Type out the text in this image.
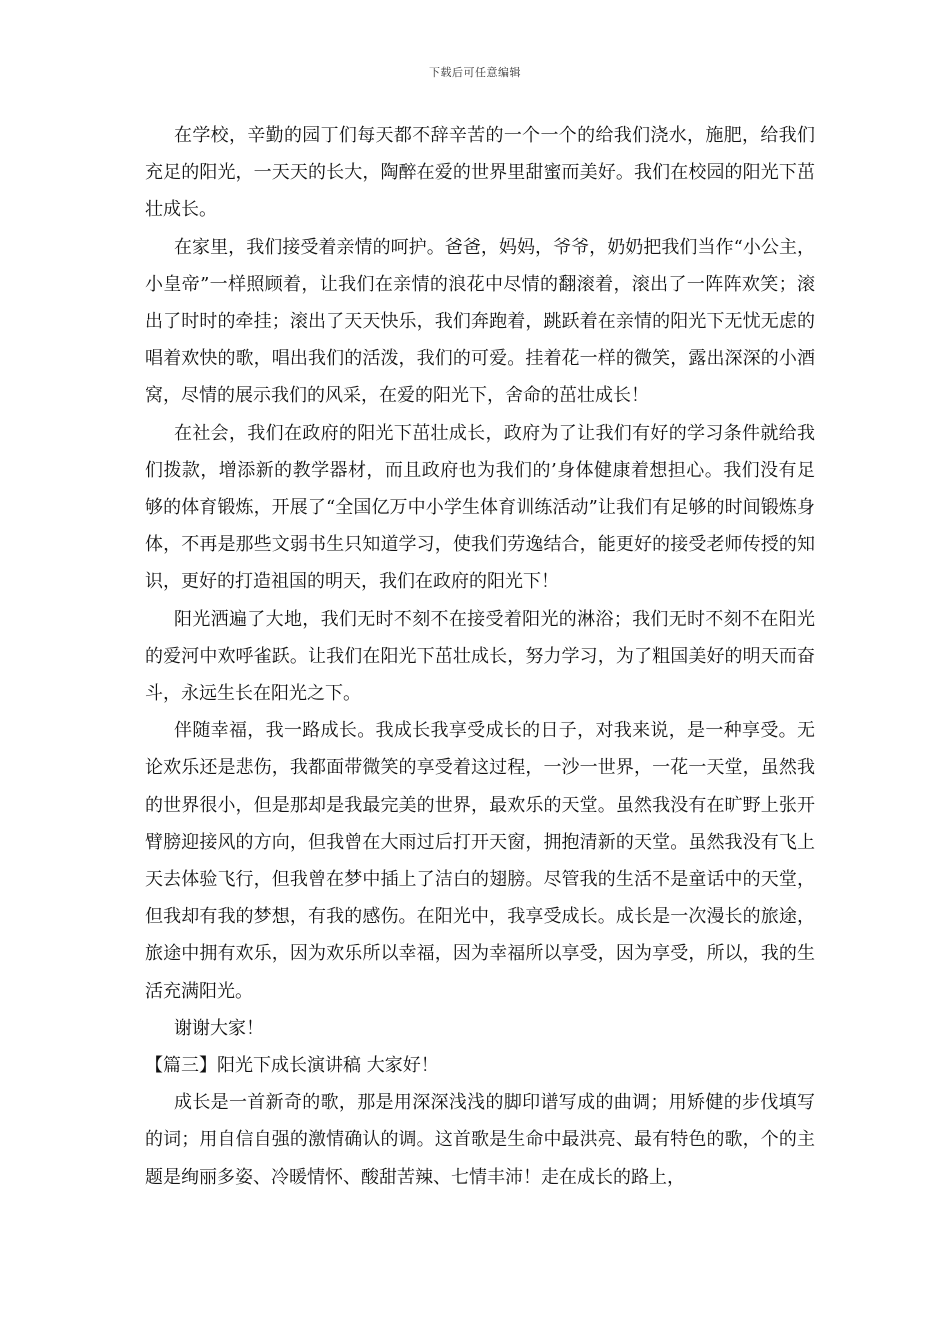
下载后可任意编辑

在学校，辛勤的园丁们每天都不辞辛苦的一个一个的给我们浇水，施肥，给我们充足的阳光，一天天的长大，陶醉在爱的世界里甜蜜而美好。我们在校园的阳光下茁壮成长。

在家里，我们接受着亲情的呵护。爸爸，妈妈，爷爷，奶奶把我们当作“小公主，小皇帝”一样照顾着，让我们在亲情的浪花中尽情的翻滚着，滚出了一阵阵欢笑；滚出了时时的牵挂；滚出了天天快乐，我们奔跑着，跳跃着在亲情的阳光下无忧无虑的唱着欢快的歌，唱出我们的活泼，我们的可爱。挂着花一样的微笑，露出深深的小酒窝，尽情的展示我们的风采，在爱的阳光下，舍命的茁壮成长！

在社会，我们在政府的阳光下茁壮成长，政府为了让我们有好的学习条件就给我们拨款，增添新的教学器材，而且政府也为我们的’身体健康着想担心。我们没有足够的体育锻炼，开展了“全国亿万中小学生体育训练活动”让我们有足够的时间锻炼身体，不再是那些文弱书生只知道学习，使我们劳逸结合，能更好的接受老师传授的知识，更好的打造祖国的明天，我们在政府的阳光下！

阳光洒遍了大地，我们无时不刻不在接受着阳光的淋浴；我们无时不刻不在阳光的爱河中欢呼雀跃。让我们在阳光下茁壮成长，努力学习，为了粗国美好的明天而奋斗，永远生长在阳光之下。

伴随幸福，我一路成长。我成长我享受成长的日子，对我来说，是一种享受。无论欢乐还是悲伤，我都面带微笑的享受着这过程，一沙一世界，一花一天堂，虽然我的世界很小，但是那却是我最完美的世界，最欢乐的天堂。虽然我没有在旷野上张开臂膀迎接风的方向，但我曾在大雨过后打开天窗，拥抱清新的天堂。虽然我没有飞上天去体验飞行，但我曾在梦中插上了洁白的翅膀。尽管我的生活不是童话中的天堂，但我却有我的梦想，有我的感伤。在阳光中，我享受成长。成长是一次漫长的旅途，旅途中拥有欢乐，因为欢乐所以幸福，因为幸福所以享受，因为享受，所以，我的生活充满阳光。

谢谢大家！

【篇三】阳光下成长演讲稿 大家好！

成长是一首新奇的歌，那是用深深浅浅的脚印谱写成的曲调；用矫健的步伐填写的词；用自信自强的激情确认的调。这首歌是生命中最洪亮、最有特色的歌，个的主题是绚丽多姿、冷暖情怀、酸甜苦辣、七情丰沛！走在成长的路上，
